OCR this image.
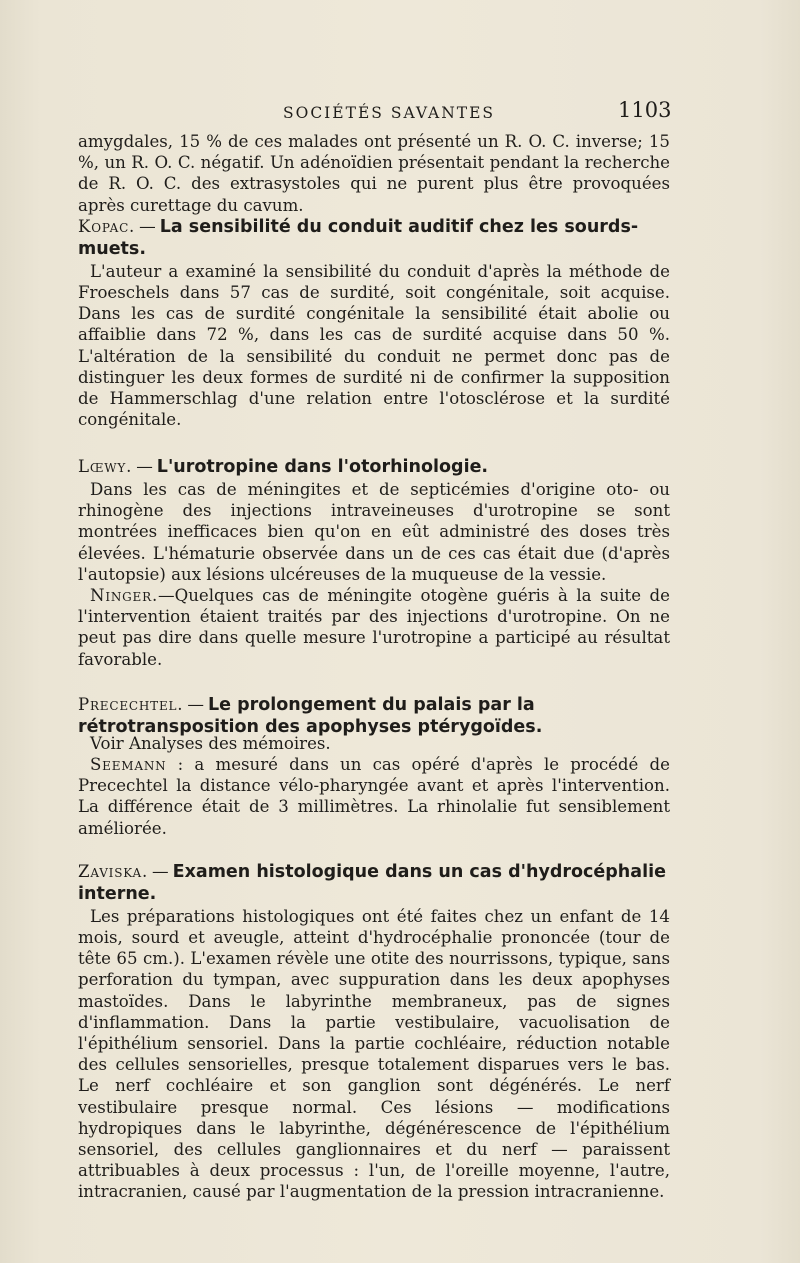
SOCIÉTÉS SAVANTES	1103

amygdales, 15 % de ces malades ont présenté un R. O. C. inverse; 15 %, un R. O. C. négatif. Un adénoïdien présentait pendant la recherche de R. O. C. des extrasystoles qui ne purent plus être provoquées après curettage du cavum.

Kopac. — La sensibilité du conduit auditif chez les sourds-muets.

L'auteur a examiné la sensibilité du conduit d'après la méthode de Froeschels dans 57 cas de surdité, soit congénitale, soit acquise. Dans les cas de surdité congénitale la sensibilité était abolie ou affaiblie dans 72 %, dans les cas de surdité acquise dans 50 %. L'altération de la sensibilité du conduit ne permet donc pas de distinguer les deux formes de surdité ni de confirmer la supposition de Hammerschlag d'une relation entre l'otosclérose et la surdité congénitale.

Lœwy. — L'urotropine dans l'otorhinologie.

Dans les cas de méningites et de septicémies d'origine oto- ou rhinogène des injections intraveineuses d'urotropine se sont montrées inefficaces bien qu'on en eût administré des doses très élevées. L'hématurie observée dans un de ces cas était due (d'après l'autopsie) aux lésions ulcéreuses de la muqueuse de la vessie.

Ninger.—Quelques cas de méningite otogène guéris à la suite de l'intervention étaient traités par des injections d'urotropine. On ne peut pas dire dans quelle mesure l'urotropine a participé au résultat favorable.

Precechtel. — Le prolongement du palais par la rétrotransposition des apophyses ptérygoïdes.

Voir Analyses des mémoires.

Seemann : a mesuré dans un cas opéré d'après le procédé de Precechtel la distance vélo-pharyngée avant et après l'intervention. La différence était de 3 millimètres. La rhinolalie fut sensiblement améliorée.

Zaviska. — Examen histologique dans un cas d'hydrocéphalie interne.

Les préparations histologiques ont été faites chez un enfant de 14 mois, sourd et aveugle, atteint d'hydrocéphalie prononcée (tour de tête 65 cm.). L'examen révèle une otite des nourrissons, typique, sans perforation du tympan, avec suppuration dans les deux apophyses mastoïdes. Dans le labyrinthe membraneux, pas de signes d'inflammation. Dans la partie vestibulaire, vacuolisation de l'épithélium sensoriel. Dans la partie cochléaire, réduction notable des cellules sensorielles, presque totalement disparues vers le bas. Le nerf cochléaire et son ganglion sont dégénérés. Le nerf vestibulaire presque normal. Ces lésions — modifications hydropiques dans le labyrinthe, dégénérescence de l'épithélium sensoriel, des cellules ganglionnaires et du nerf — paraissent attribuables à deux processus : l'un, de l'oreille moyenne, l'autre, intracranien, causé par l'augmentation de la pression intracranienne.
